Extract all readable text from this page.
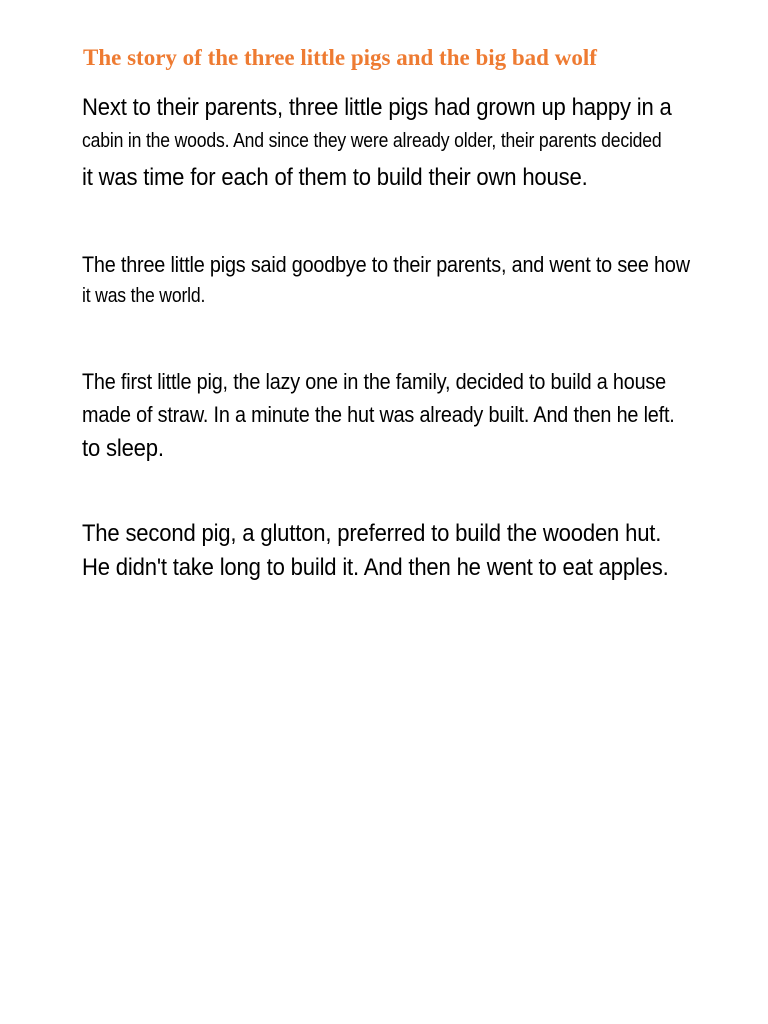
The story of the three little pigs and the big bad wolf

Next to their parents, three little pigs had grown up happy in a

cabin in the woods. And since they were already older, their parents decided

it was time for each of them to build their own house.

The three little pigs said goodbye to their parents, and went to see how

it was the world.

The first little pig, the lazy one in the family, decided to build a house

made of straw. In a minute the hut was already built. And then he left.

to sleep.

The second pig, a glutton, preferred to build the wooden hut.

He didn't take long to build it. And then he went to eat apples.
